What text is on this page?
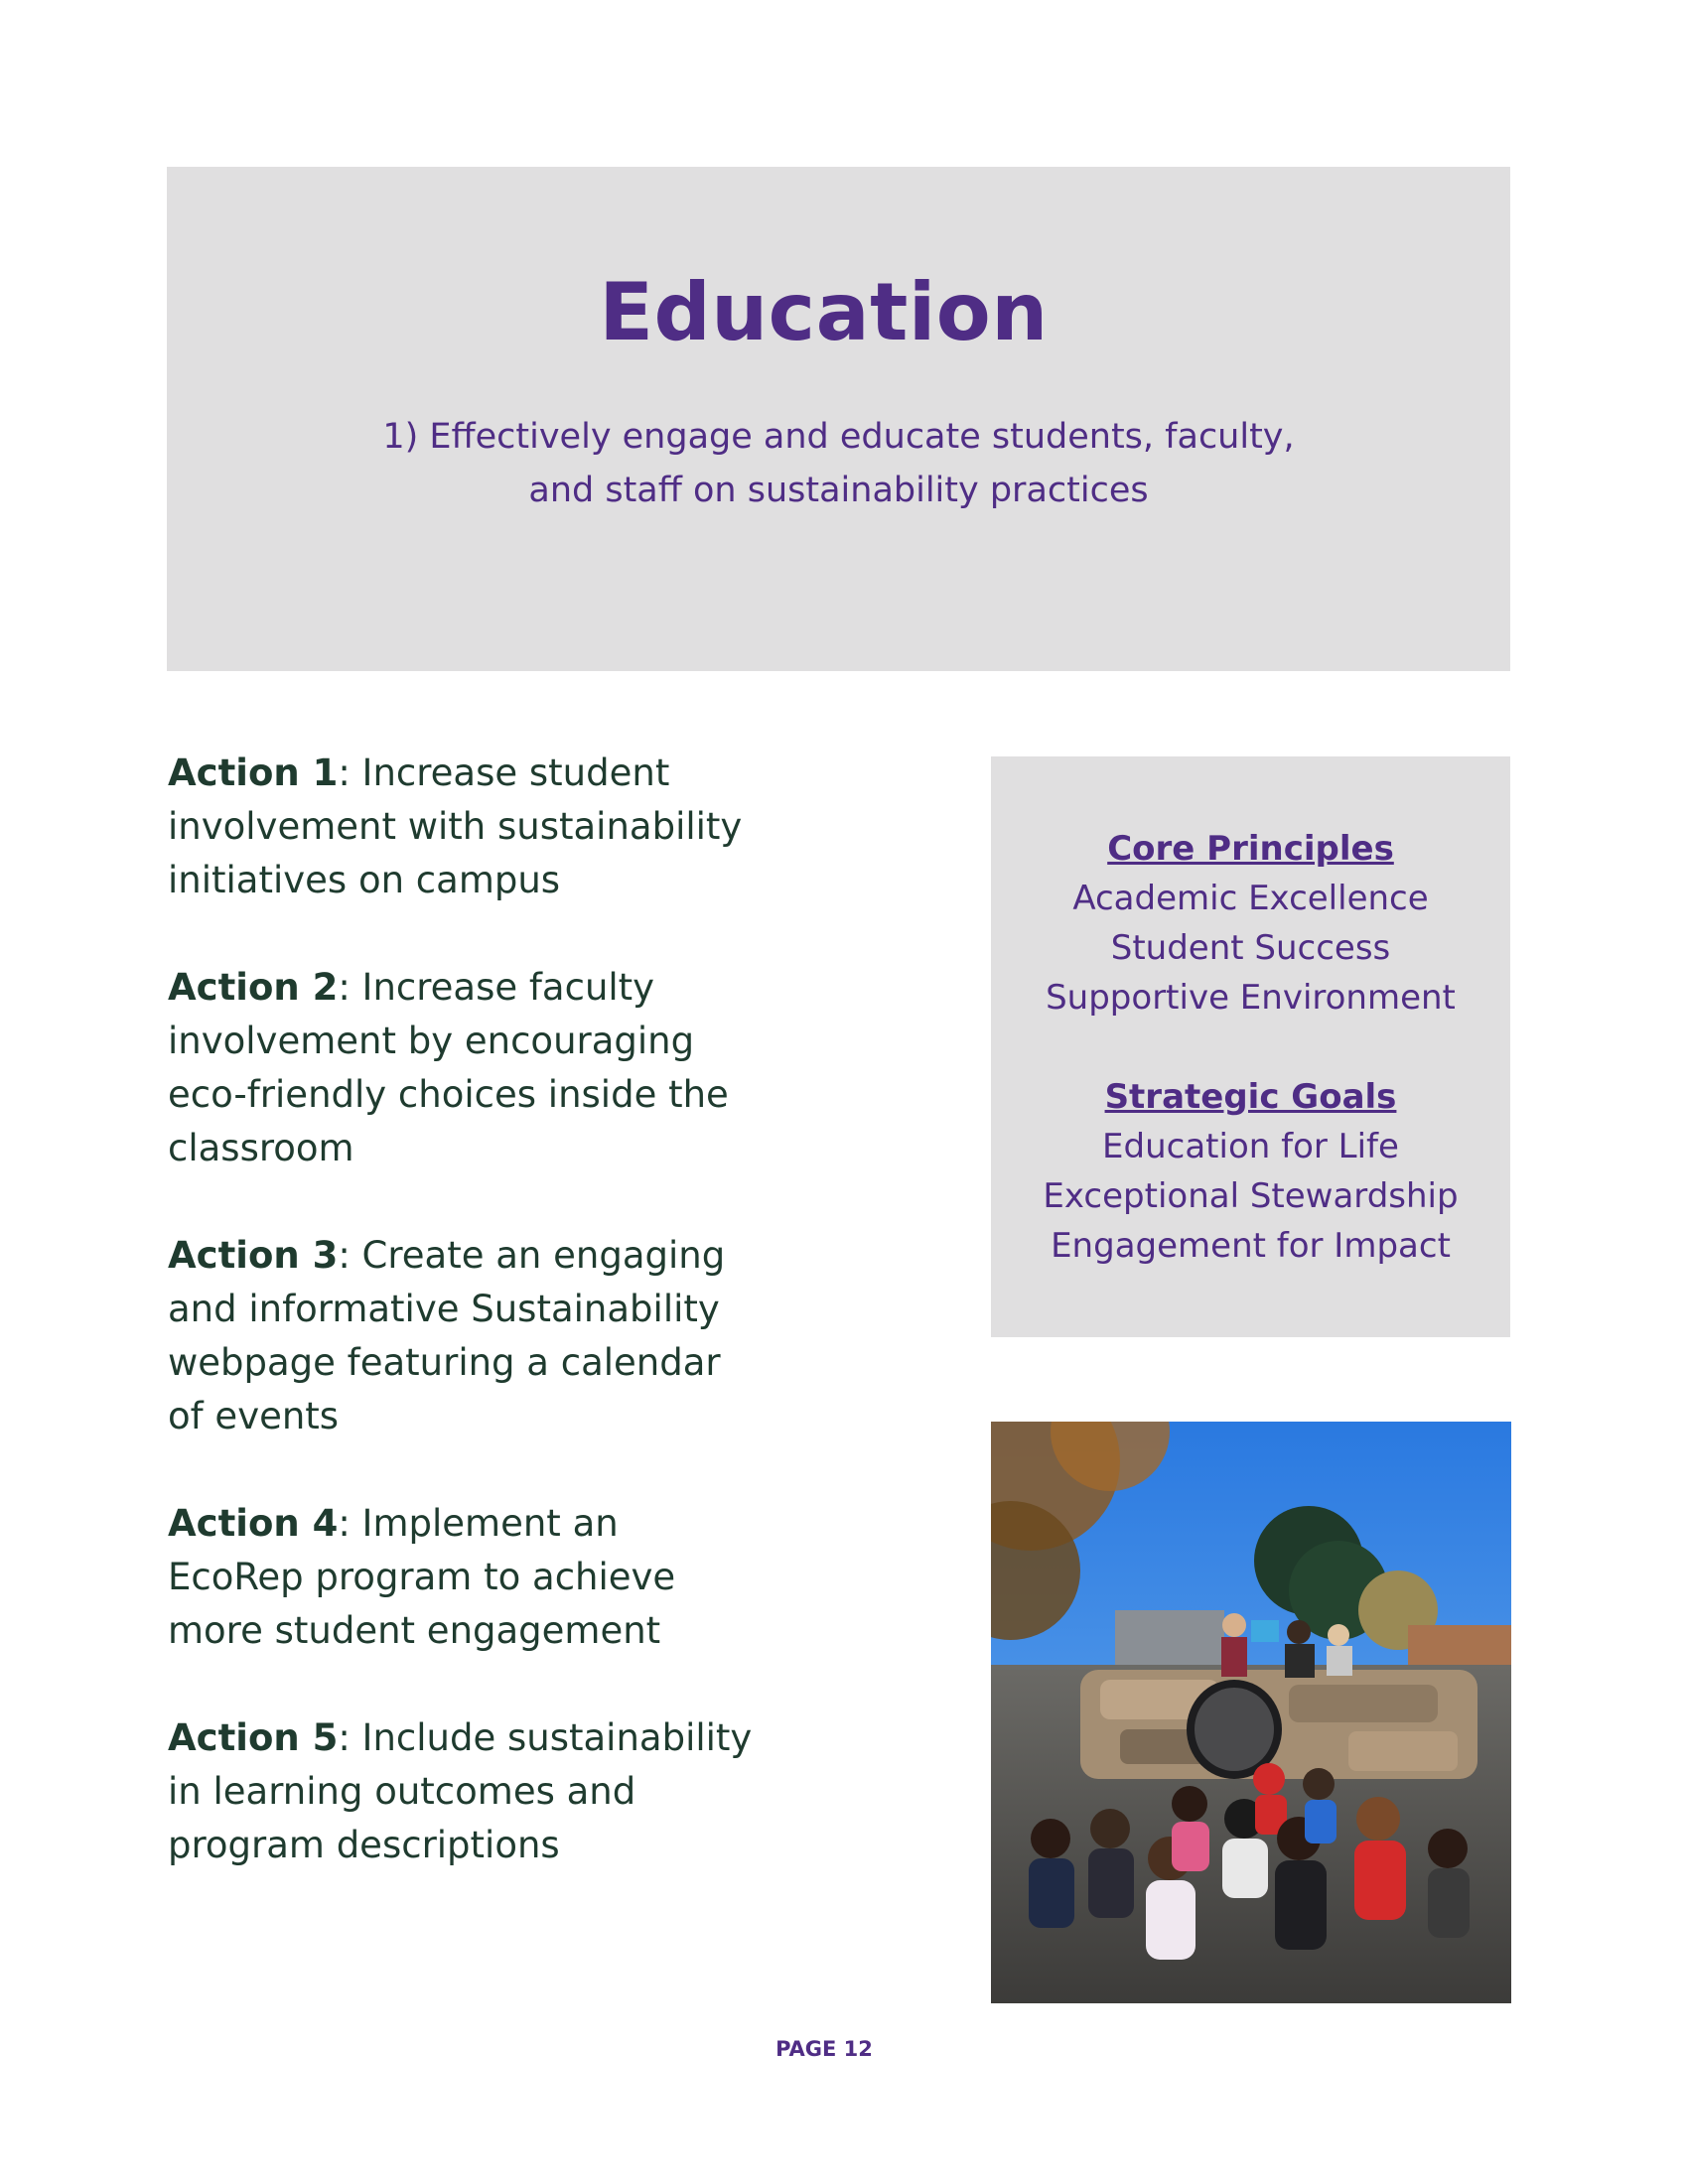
Education

1) Effectively engage and educate students, faculty,
and staff on sustainability practices

Action 1: Increase student involvement with sustainability initiatives on campus

Action 2: Increase faculty involvement by encouraging eco-friendly choices inside the classroom

Action 3: Create an engaging and informative Sustainability webpage featuring a calendar of events

Action 4: Implement an EcoRep program to achieve more student engagement

Action 5: Include sustainability in learning outcomes and program descriptions

Core Principles

Academic Excellence

Student Success

Supportive Environment

Strategic Goals

Education for Life

Exceptional Stewardship

Engagement for Impact

PAGE 12
